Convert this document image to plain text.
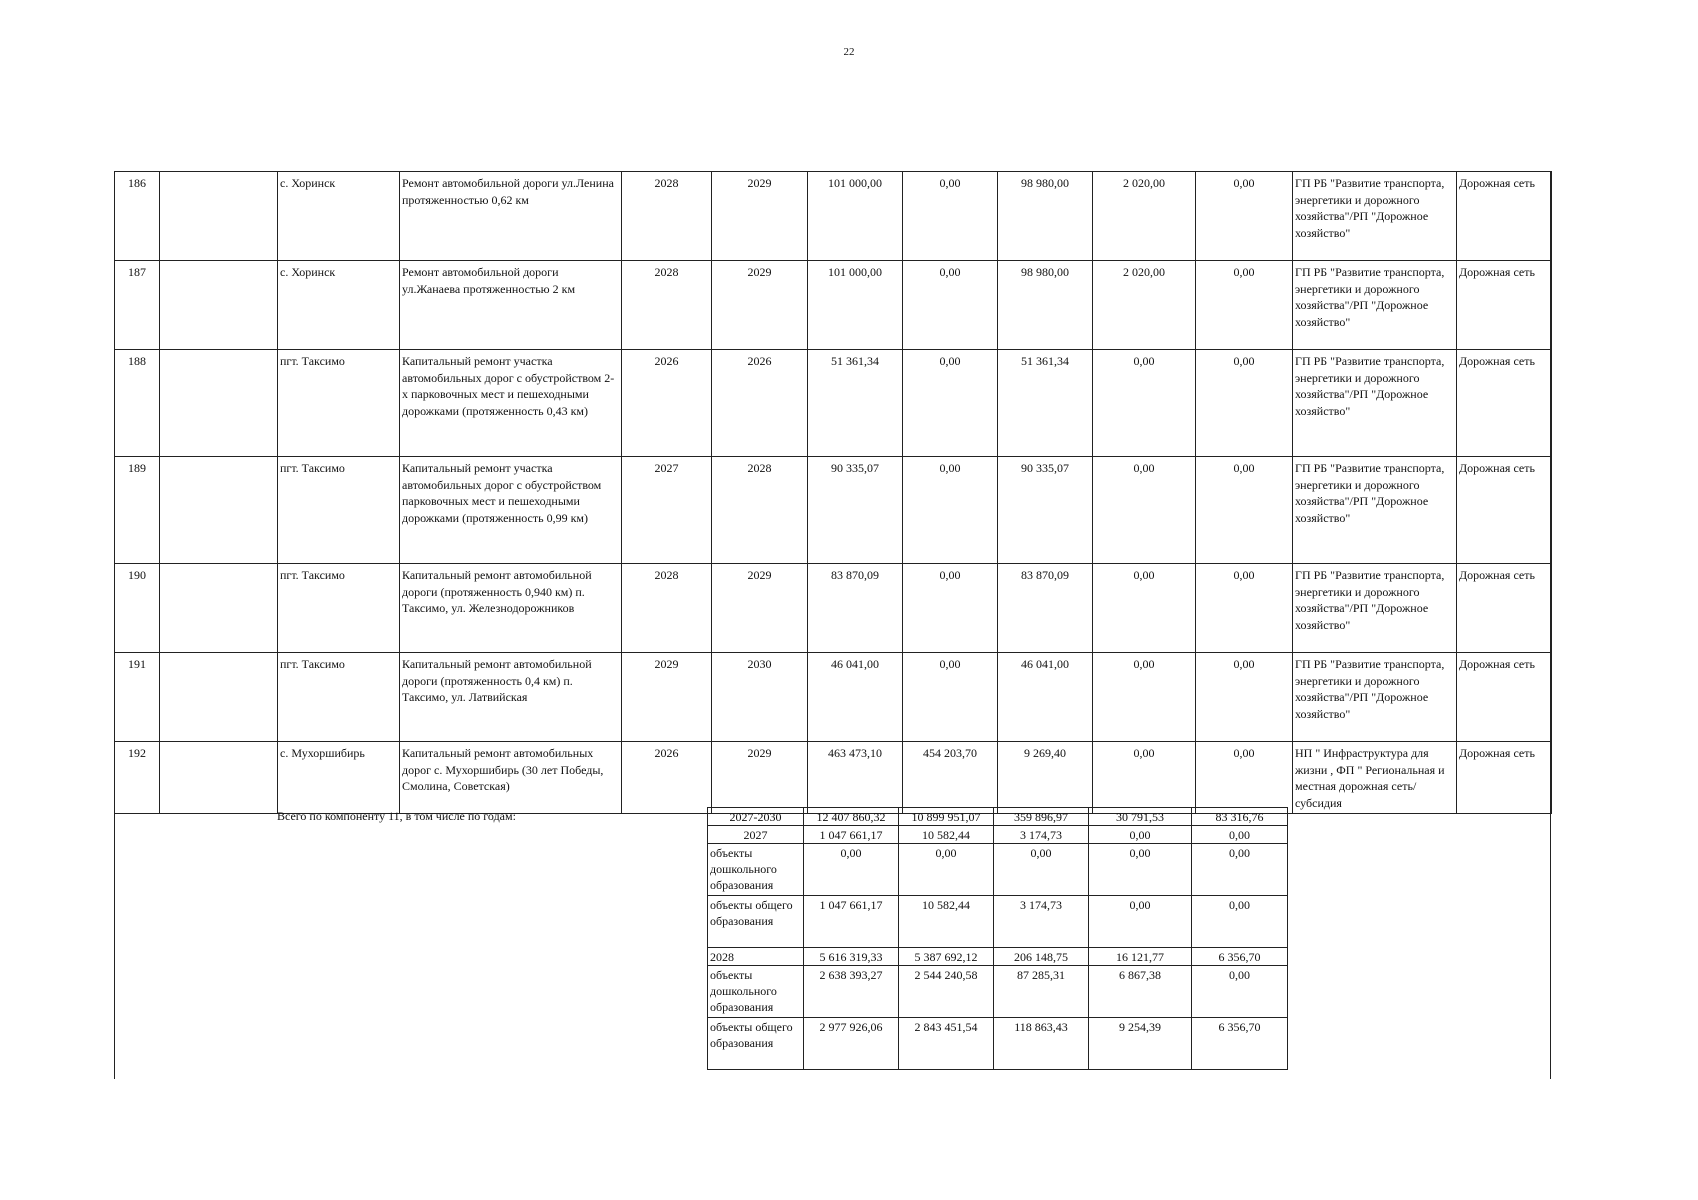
22
186		с. Хоринск	Ремонт автомобильной дороги ул.Ленина протяженностью 0,62 км	2028	2029	101 000,00	0,00	98 980,00	2 020,00	0,00	ГП РБ "Развитие транспорта, энергетики и дорожного хозяйства"/РП "Дорожное хозяйство"	Дорожная сеть
187		с. Хоринск	Ремонт автомобильной дороги ул.Жанаева протяженностью 2 км	2028	2029	101 000,00	0,00	98 980,00	2 020,00	0,00	ГП РБ "Развитие транспорта, энергетики и дорожного хозяйства"/РП "Дорожное хозяйство"	Дорожная сеть
188		пгт. Таксимо	Капитальный ремонт участка автомобильных дорог с обустройством 2-х парковочных мест и пешеходными дорожками (протяженность 0,43 км)	2026	2026	51 361,34	0,00	51 361,34	0,00	0,00	ГП РБ "Развитие транспорта, энергетики и дорожного хозяйства"/РП "Дорожное хозяйство"	Дорожная сеть
189		пгт. Таксимо	Капитальный ремонт участка автомобильных дорог с обустройством парковочных мест и пешеходными дорожками (протяженность 0,99 км)	2027	2028	90 335,07	0,00	90 335,07	0,00	0,00	ГП РБ "Развитие транспорта, энергетики и дорожного хозяйства"/РП "Дорожное хозяйство"	Дорожная сеть
190		пгт. Таксимо	Капитальный ремонт автомобильной дороги (протяженность 0,940 км) п. Таксимо, ул. Железнодорожников	2028	2029	83 870,09	0,00	83 870,09	0,00	0,00	ГП РБ "Развитие транспорта, энергетики и дорожного хозяйства"/РП "Дорожное хозяйство"	Дорожная сеть
191		пгт. Таксимо	Капитальный ремонт автомобильной дороги (протяженность 0,4 км) п. Таксимо, ул. Латвийская	2029	2030	46 041,00	0,00	46 041,00	0,00	0,00	ГП РБ "Развитие транспорта, энергетики и дорожного хозяйства"/РП "Дорожное хозяйство"	Дорожная сеть
192		с. Мухоршибирь	Капитальный ремонт автомобильных дорог с. Мухоршибирь (30 лет Победы, Смолина, Советская)	2026	2029	463 473,10	454 203,70	9 269,40	0,00	0,00	НП " Инфраструктура для жизни , ФП " Региональная и местная дорожная сеть/субсидия	Дорожная сеть
Всего по компоненту 11, в том числе по годам:	2027-2030	12 407 860,32	10 899 951,07	359 896,97	30 791,53	83 316,76
2027	1 047 661,17	10 582,44	3 174,73	0,00	0,00
объекты дошкольного образования	0,00	0,00	0,00	0,00	0,00
объекты общего образования	1 047 661,17	10 582,44	3 174,73	0,00	0,00
2028	5 616 319,33	5 387 692,12	206 148,75	16 121,77	6 356,70
объекты дошкольного образования	2 638 393,27	2 544 240,58	87 285,31	6 867,38	0,00
объекты общего образования	2 977 926,06	2 843 451,54	118 863,43	9 254,39	6 356,70
